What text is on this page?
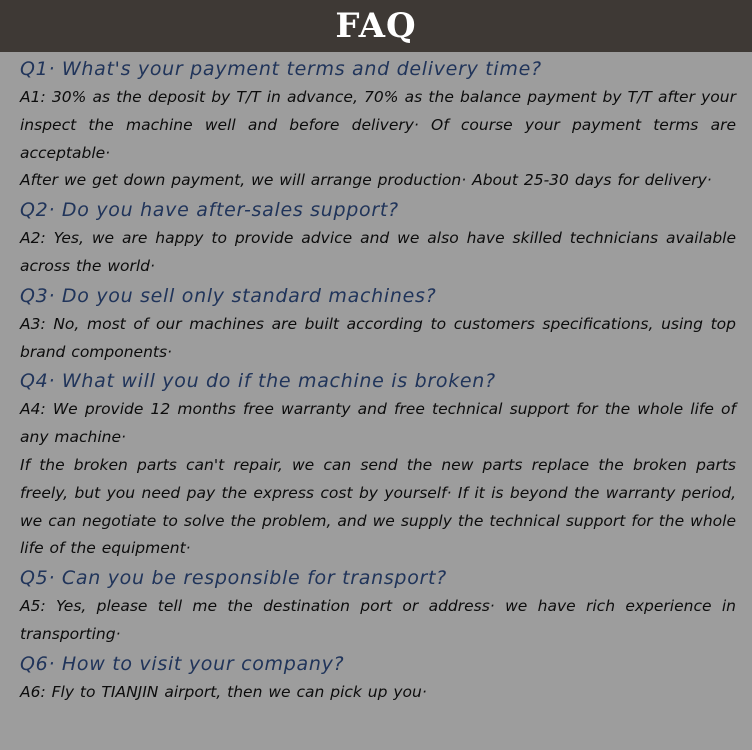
FAQ
Q1· What's your payment terms and delivery time?

A1: 30% as the deposit by T/T in advance, 70% as the balance payment by T/T after your inspect the machine well and before delivery· Of course your payment terms are acceptable·

After we get down payment, we will arrange production· About 25-30 days for delivery·

Q2· Do you have after-sales support?

A2: Yes, we are happy to provide advice and we also have skilled technicians available across the world·

Q3· Do you sell only standard machines?

A3: No, most of our machines are built according to customers specifications, using top brand components·

Q4· What will you do if the machine is broken?

A4: We provide 12 months free warranty and free technical support for the whole life of any machine·

If the broken parts can't repair, we can send the new parts replace the broken parts freely, but you need pay the express cost by yourself· If it is beyond the warranty period, we can negotiate to solve the problem, and we supply the technical support for the whole life of the equipment·

Q5· Can you be responsible for transport?

A5: Yes, please tell me the destination port or address· we have rich experience in transporting·

Q6· How to visit your company?

A6: Fly to TIANJIN airport, then we can pick up you·
